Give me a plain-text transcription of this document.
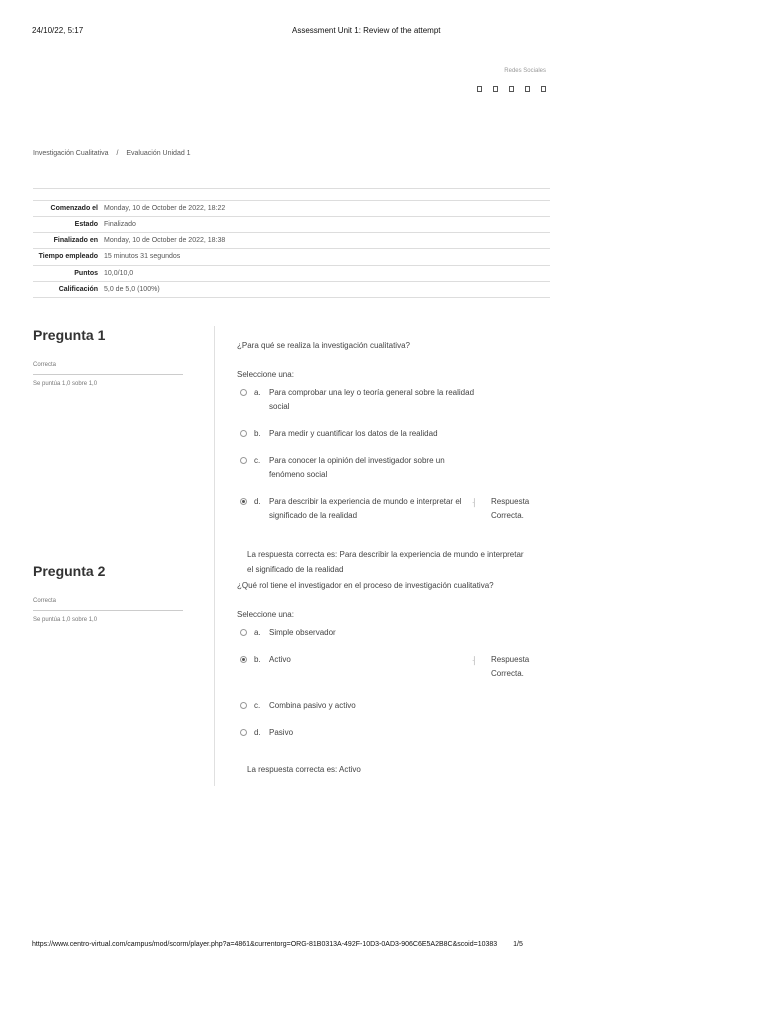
24/10/22, 5:17	Assessment Unit 1: Review of the attempt
Redes Sociales
Investigación Cualitativa / Evaluación Unidad 1
Comenzado el Monday, 10 de October de 2022, 18:22
Estado Finalizado
Finalizado en Monday, 10 de October de 2022, 18:38
Tiempo empleado 15 minutos 31 segundos
Puntos 10,0/10,0
Calificación 5,0 de 5,0 (100%)
Pregunta 1
Correcta
Se puntúa 1,0 sobre 1,0
¿Para qué se realiza la investigación cualitativa?
Seleccione una:
a.	Para comprobar una ley o teoría general sobre la realidad social
b.	Para medir y cuantificar los datos de la realidad
c.	Para conocer la opinión del investigador sobre un fenómeno social
d.	Para describir la experiencia de mundo e interpretar el significado de la realidad
⸡ Respuesta Correcta.
La respuesta correcta es: Para describir la experiencia de mundo e interpretar el significado de la realidad
Pregunta 2
Correcta
Se puntúa 1,0 sobre 1,0
¿Qué rol tiene el investigador en el proceso de investigación cualitativa?
Seleccione una:
a.	Simple observador
b.	Activo	⸡ Respuesta Correcta.
c.	Combina pasivo y activo
d.	Pasivo
La respuesta correcta es: Activo
https://www.centro-virtual.com/campus/mod/scorm/player.php?a=4861&currentorg=ORG-81B0313A-492F-10D3-0AD3-906C6E5A2B8C&scoid=10383 1/5
